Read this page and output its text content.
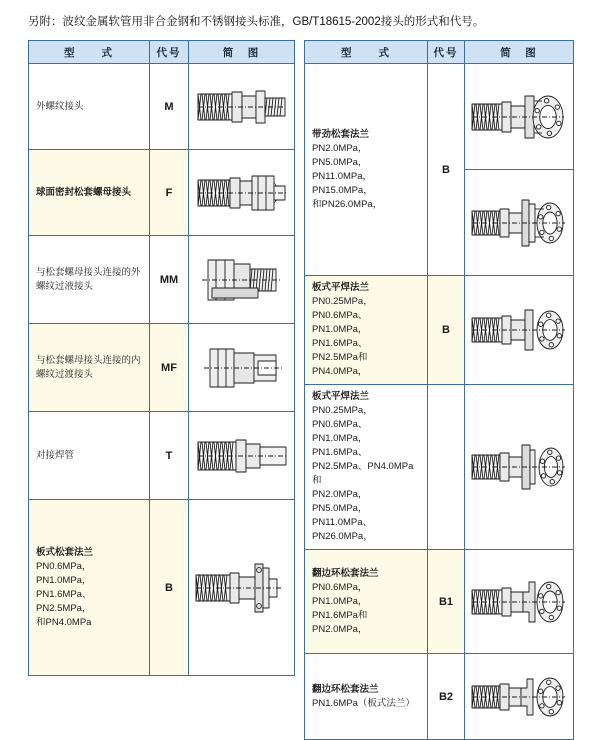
另附：波纹金属软管用非合金钢和不锈钢接头标准，GB/T18615-2002接头的形式和代号。
型　　式	代号	简　图

外螺纹接头	M	

球面密封松套螺母接头	F	

与松套螺母接头连接的外螺纹过液接头	MM	

与松套螺母接头连接的内螺纹过渡接头	MF	

对接焊管	T	

板式松套法兰
PN0.6MPa，PN1.0MPa，
PN1.6MPa、PN2.5MPa，
和PN4.0MPa	B	
型　　式	代号	简　图

带劲松套法兰
PN2.0MPa，PN5.0MPa，
PN11.0MPa，PN15.0MPa，
和PN26.0MPa，	B	

板式平焊法兰
PN0.25MPa，PN0.6MPa、
PN1.0MPa，PN1.6MPa、
PN2.5MPa和PN4.0MPa，	B	

板式平焊法兰
PN0.25MPa，PN0.6MPa、
PN1.0MPa，PN1.6MPa、
PN2.5MPa、PN4.0MPa 和
PN2.0MPa，PN5.0MPa，
PN11.0MPa、PN26.0MPa，

翻边环松套法兰
PN0.6MPa，PN1.0MPa，
PN1.6MPa和PN2.0MPa，	B1	

翻边环松套法兰
PN1.6MPa（板式法兰）	B2	
